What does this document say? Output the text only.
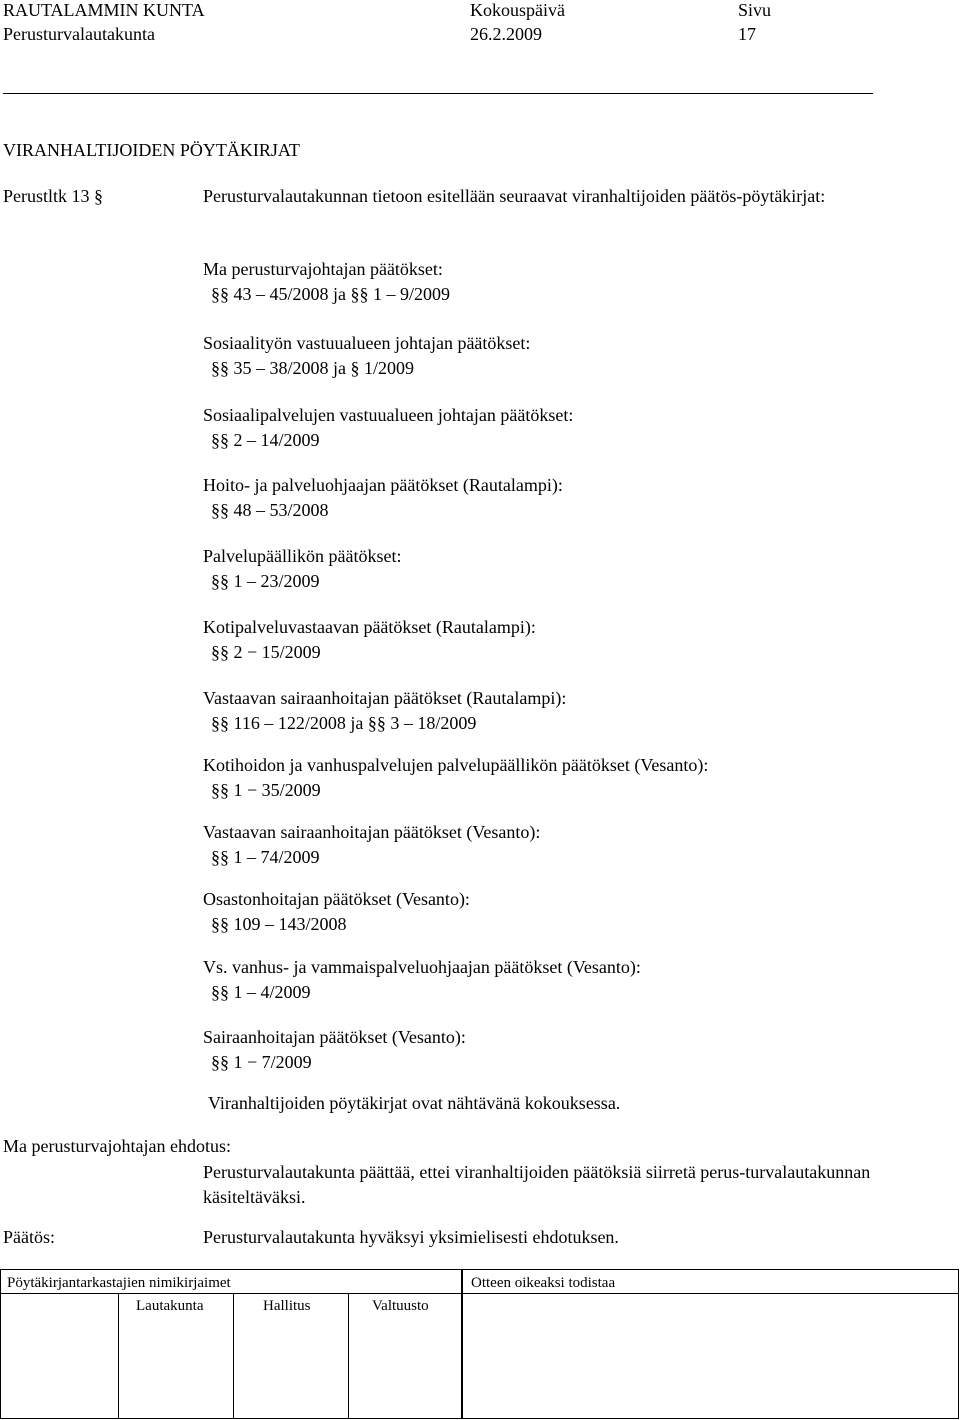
RAUTALAMMIN KUNTA	Kokouspäivä	Sivu
Perusturvalautakunta	26.2.2009	17
VIRANHALTIJOIDEN PÖYTÄKIRJAT
Perustltk 13 §	Perusturvalautakunnan tietoon esitellään seuraavat viranhaltijoiden päätös-pöytäkirjat:
Ma perusturvajohtajan päätökset:
§§ 43 – 45/2008 ja §§ 1 – 9/2009
Sosiaalityön vastuualueen johtajan päätökset:
§§ 35 – 38/2008 ja § 1/2009
Sosiaalipalvelujen vastuualueen johtajan päätökset:
§§ 2 – 14/2009
Hoito- ja palveluohjaajan päätökset (Rautalampi):
§§ 48 – 53/2008
Palvelupäällikön päätökset:
§§ 1 – 23/2009
Kotipalveluvastaavan päätökset (Rautalampi):
§§ 2 − 15/2009
Vastaavan sairaanhoitajan päätökset (Rautalampi):
§§ 116 – 122/2008 ja §§ 3 – 18/2009
Kotihoidon ja vanhuspalvelujen palvelupäällikön päätökset (Vesanto):
§§ 1 − 35/2009
Vastaavan sairaanhoitajan päätökset (Vesanto):
§§ 1 – 74/2009
Osastonhoitajan päätökset (Vesanto):
§§ 109 – 143/2008
Vs. vanhus- ja vammaispalveluohjaajan päätökset (Vesanto):
§§ 1 – 4/2009
Sairaanhoitajan päätökset (Vesanto):
§§ 1 − 7/2009
Viranhaltijoiden pöytäkirjat ovat nähtävänä kokouksessa.
Ma perusturvajohtajan ehdotus:
Perusturvalautakunta päättää, ettei viranhaltijoiden päätöksiä siirretä perus-turvalautakunnan käsiteltäväksi.
Päätös:	Perusturvalautakunta hyväksyi yksimielisesti ehdotuksen.
Pöytäkirjantarkastajien nimikirjaimet
Lautakunta	Hallitus	Valtuusto
Otteen oikeaksi todistaa
